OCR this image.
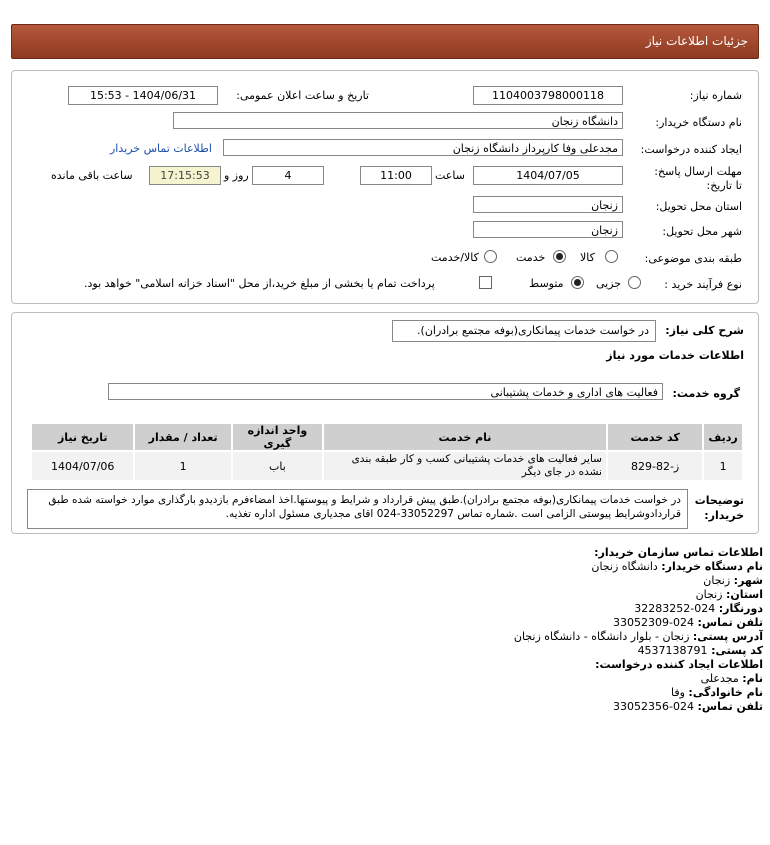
جزئیات اطلاعات نیاز
شماره نیاز:
1104003798000118
تاریخ و ساعت اعلان عمومی:
1404/06/31 - 15:53
نام دستگاه خریدار:
دانشگاه زنجان
ایجاد کننده درخواست:
مجدعلی وفا کارپرداز دانشگاه زنجان
اطلاعات تماس خریدار
مهلت ارسال پاسخ: تا تاریخ:
1404/07/05
ساعت
11:00
4
روز و
17:15:53
ساعت باقی مانده
استان محل تحویل:
زنجان
شهر محل تحویل:
زنجان
طبقه بندی موضوعی:
کالا
خدمت
کالا/خدمت
نوع فرآیند خرید :
جزیی
متوسط
پرداخت تمام یا بخشی از مبلغ خرید،از محل "اسناد خزانه اسلامی" خواهد بود.
شرح کلی نیاز:
در خواست خدمات پیمانکاری(بوفه مجتمع برادران).
اطلاعات خدمات مورد نیاز
گروه خدمت:
فعالیت های اداری و خدمات پشتیبانی
ردیف	کد خدمت	نام خدمت	واحد اندازه گیری	تعداد / مقدار	تاریخ نیاز
1	ز-82-829	سایر فعالیت های خدمات پشتیبانی کسب و کار طبقه بندی نشده در جای دیگر	باب	1	1404/07/06
توضیحات خریدار:
در خواست خدمات پیمانکاری(بوفه مجتمع برادران).طبق پیش قرارداد و شرایط و پیوستها.اخذ امضاءفرم بازدیدو بارگذاری موارد خواسته شده طبق قراردادوشرایط پیوستی الزامی است .شماره تماس 33052297-024 اقای مجدیاری مسئول اداره تغذیه.
اطلاعات تماس سازمان خریدار:
نام دستگاه خریدار: دانشگاه زنجان
شهر: زنجان
استان: زنجان
دورنگار: 024-32283252
تلفن تماس: 024-33052309
آدرس پستی: زنجان - بلوار دانشگاه - دانشگاه زنجان
کد پستی: 4537138791
اطلاعات ایجاد کننده درخواست:
نام: مجدعلی
نام خانوادگی: وفا
تلفن تماس: 024-33052356
